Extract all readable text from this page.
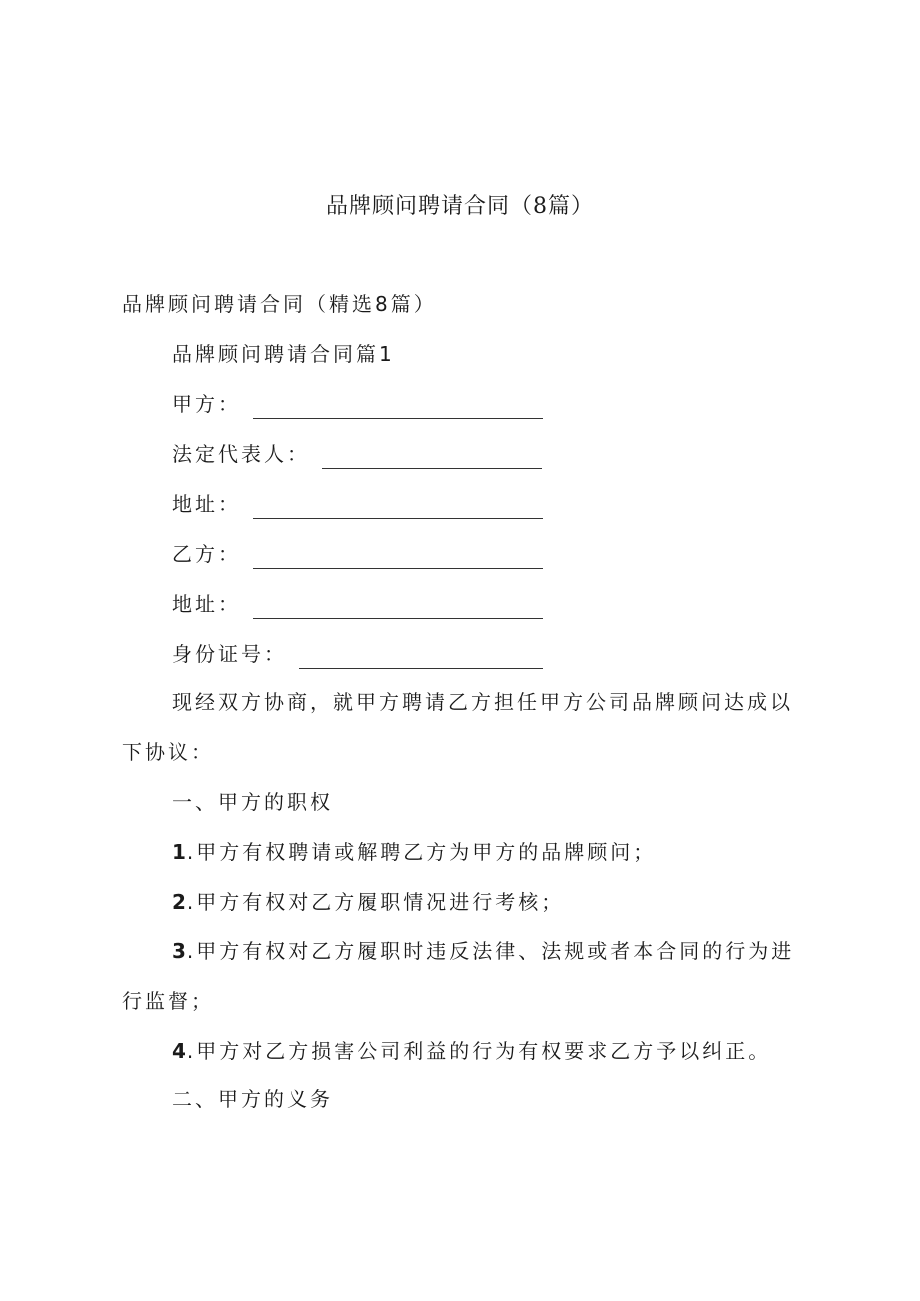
品牌顾问聘请合同（8篇）
品牌顾问聘请合同（精选8篇）
品牌顾问聘请合同篇1
甲方：
法定代表人：
地址：
乙方：
地址：
身份证号：
现经双方协商，就甲方聘请乙方担任甲方公司品牌顾问达成以
下协议：
一、甲方的职权
1.甲方有权聘请或解聘乙方为甲方的品牌顾问；
2.甲方有权对乙方履职情况进行考核；
3.甲方有权对乙方履职时违反法律、法规或者本合同的行为进
行监督；
4.甲方对乙方损害公司利益的行为有权要求乙方予以纠正。
二、甲方的义务
